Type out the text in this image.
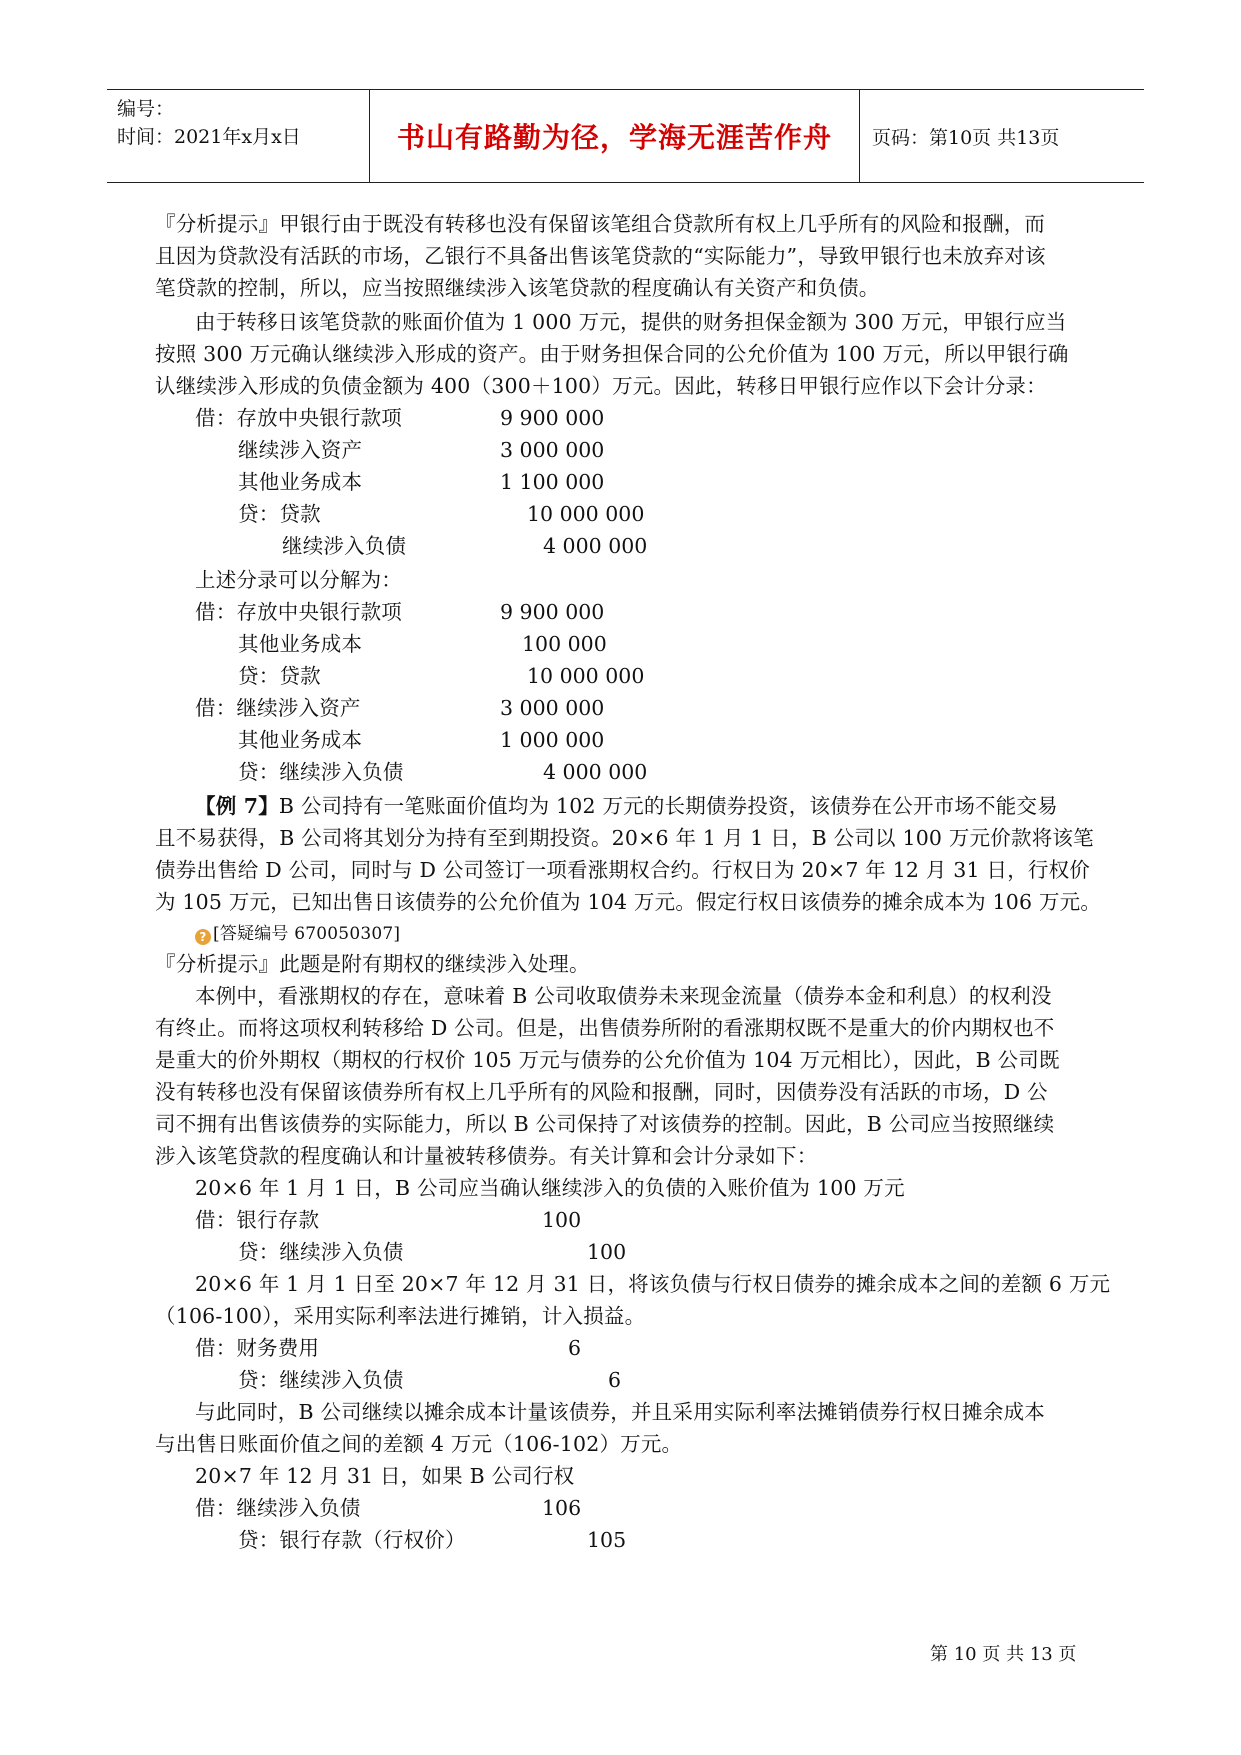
编号：
时间：2021年x月x日	书山有路勤为径，学海无涯苦作舟 页码：第10页 共13页
『分析提示』甲银行由于既没有转移也没有保留该笔组合贷款所有权上几乎所有的风险和报酬，而
且因为贷款没有活跃的市场，乙银行不具备出售该笔贷款的“实际能力”，导致甲银行也未放弃对该
笔贷款的控制，所以，应当按照继续涉入该笔贷款的程度确认有关资产和负债。
由于转移日该笔贷款的账面价值为 1 000 万元，提供的财务担保金额为 300 万元，甲银行应当
按照 300 万元确认继续涉入形成的资产。由于财务担保合同的公允价值为 100 万元，所以甲银行确
认继续涉入形成的负债金额为 400（300＋100）万元。因此，转移日甲银行应作以下会计分录：
借：存放中央银行款项	9 900 000
继续涉入资产	3 000 000
其他业务成本	1 100 000
贷：贷款	10 000 000
继续涉入负债	4 000 000
上述分录可以分解为：
借：存放中央银行款项	9 900 000
其他业务成本	100 000
贷：贷款	10 000 000
借：继续涉入资产	3 000 000
其他业务成本	1 000 000
贷：继续涉入负债	4 000 000
【例 7】B 公司持有一笔账面价值均为 102 万元的长期债券投资，该债券在公开市场不能交易
且不易获得，B 公司将其划分为持有至到期投资。20×6 年 1 月 1 日，B 公司以 100 万元价款将该笔
债券出售给 D 公司，同时与 D 公司签订一项看涨期权合约。行权日为 20×7 年 12 月 31 日，行权价
为 105 万元，已知出售日该债券的公允价值为 104 万元。假定行权日该债券的摊余成本为 106 万元。
? [答疑编号 670050307]
『分析提示』此题是附有期权的继续涉入处理。
本例中，看涨期权的存在，意味着 B 公司收取债券未来现金流量（债券本金和利息）的权利没
有终止。而将这项权利转移给 D 公司。但是，出售债券所附的看涨期权既不是重大的价内期权也不
是重大的价外期权（期权的行权价 105 万元与债券的公允价值为 104 万元相比），因此，B 公司既
没有转移也没有保留该债券所有权上几乎所有的风险和报酬，同时，因债券没有活跃的市场，D 公
司不拥有出售该债券的实际能力，所以 B 公司保持了对该债券的控制。因此，B 公司应当按照继续
涉入该笔贷款的程度确认和计量被转移债券。有关计算和会计分录如下：
20×6 年 1 月 1 日，B 公司应当确认继续涉入的负债的入账价值为 100 万元
借：银行存款	100
贷：继续涉入负债	100
20×6 年 1 月 1 日至 20×7 年 12 月 31 日，将该负债与行权日债券的摊余成本之间的差额 6 万元
（106-100），采用实际利率法进行摊销，计入损益。
借：财务费用	6
贷：继续涉入负债	6
与此同时，B 公司继续以摊余成本计量该债券，并且采用实际利率法摊销债券行权日摊余成本
与出售日账面价值之间的差额 4 万元（106-102）万元。
20×7 年 12 月 31 日，如果 B 公司行权
借：继续涉入负债	106
贷：银行存款（行权价）	105
第 10 页 共 13 页
